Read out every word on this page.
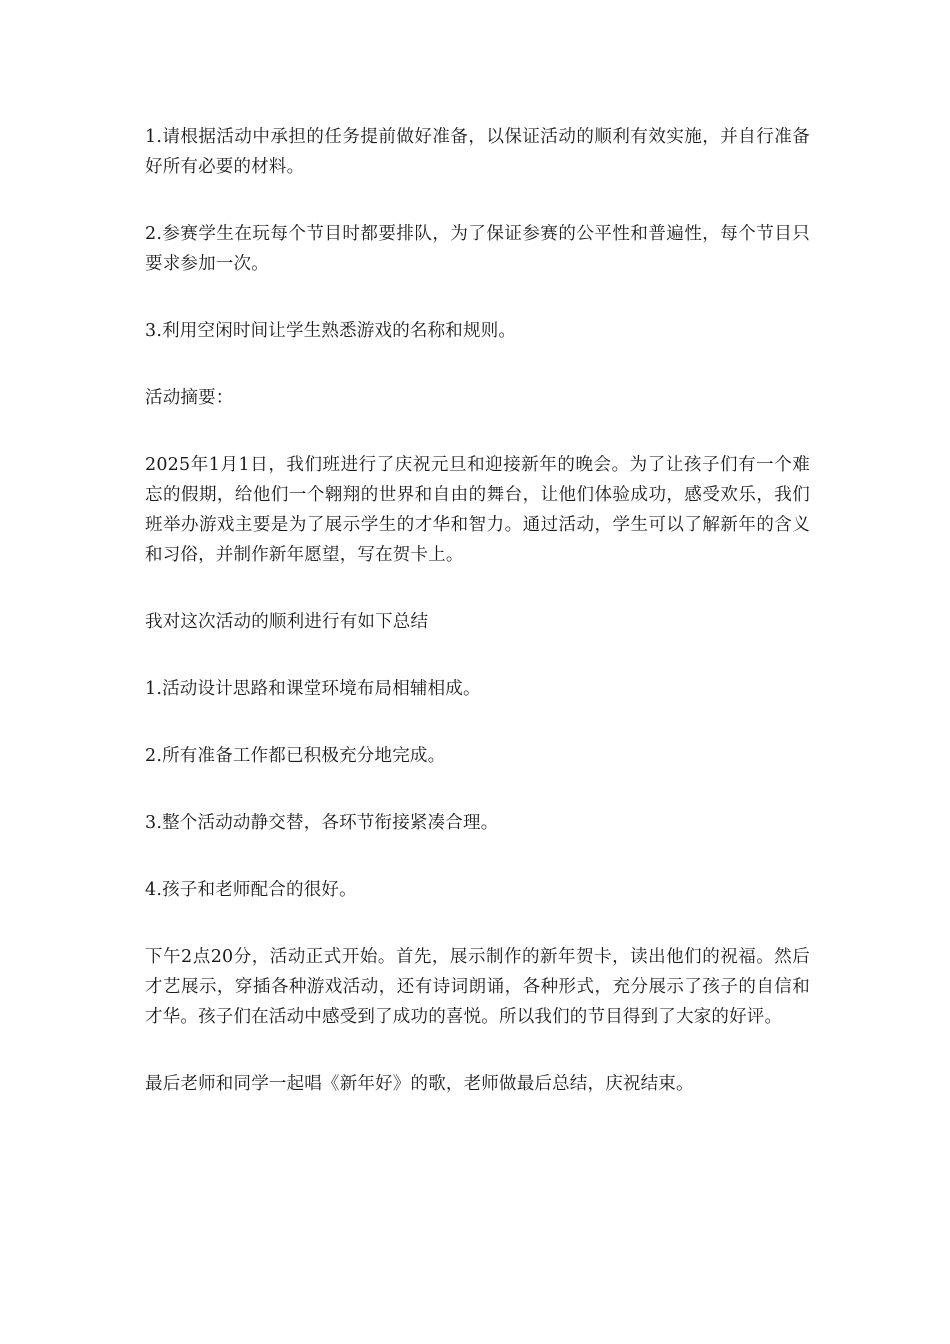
1.请根据活动中承担的任务提前做好准备，以保证活动的顺利有效实施，并自行准备好所有必要的材料。

2.参赛学生在玩每个节目时都要排队，为了保证参赛的公平性和普遍性，每个节目只要求参加一次。

3.利用空闲时间让学生熟悉游戏的名称和规则。

活动摘要：

2025年1月1日，我们班进行了庆祝元旦和迎接新年的晚会。为了让孩子们有一个难忘的假期，给他们一个翱翔的世界和自由的舞台，让他们体验成功，感受欢乐，我们班举办游戏主要是为了展示学生的才华和智力。通过活动，学生可以了解新年的含义和习俗，并制作新年愿望，写在贺卡上。

我对这次活动的顺利进行有如下总结

1.活动设计思路和课堂环境布局相辅相成。

2.所有准备工作都已积极充分地完成。

3.整个活动动静交替，各环节衔接紧凑合理。

4.孩子和老师配合的很好。

下午2点20分，活动正式开始。首先，展示制作的新年贺卡，读出他们的祝福。然后才艺展示，穿插各种游戏活动，还有诗词朗诵，各种形式，充分展示了孩子的自信和才华。孩子们在活动中感受到了成功的喜悦。所以我们的节目得到了大家的好评。

最后老师和同学一起唱《新年好》的歌，老师做最后总结，庆祝结束。
